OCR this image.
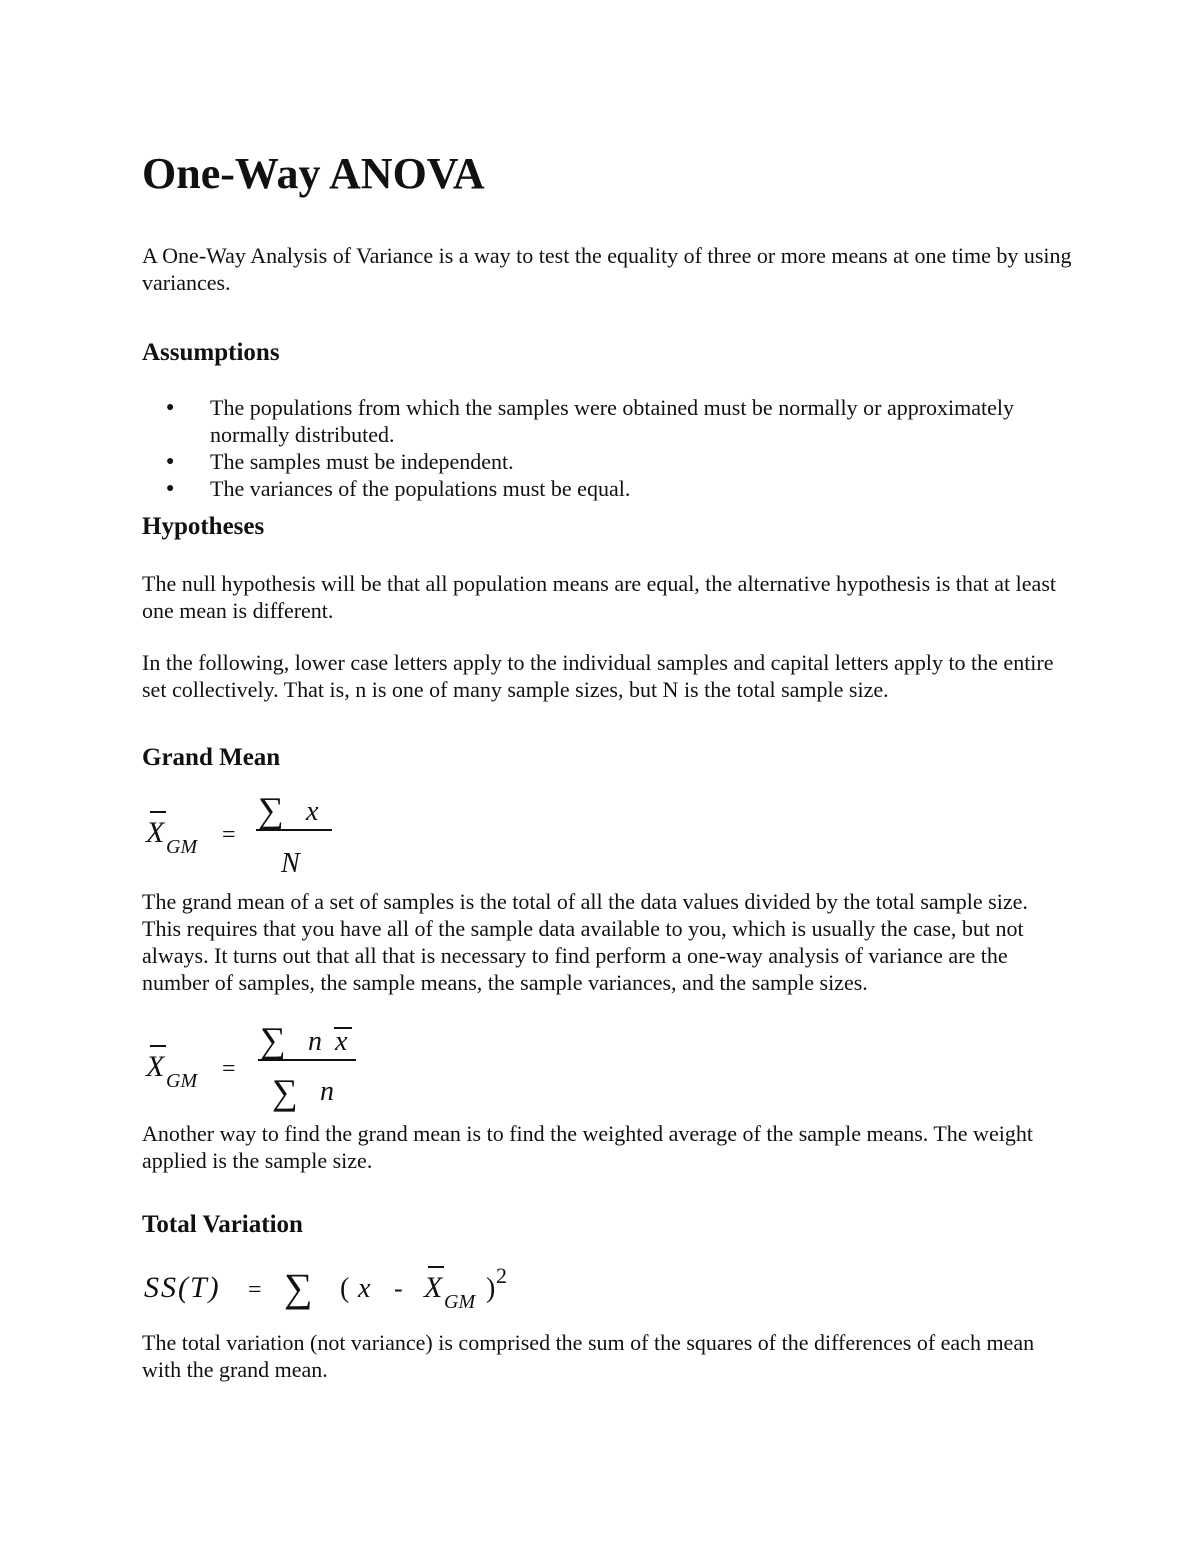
One-Way ANOVA

A One-Way Analysis of Variance is a way to test the equality of three or more means at one time by using variances.

Assumptions
● The populations from which the samples were obtained must be normally or approximately normally distributed.
● The samples must be independent.
● The variances of the populations must be equal.
Hypotheses

The null hypothesis will be that all population means are equal, the alternative hypothesis is that at least one mean is different.

In the following, lower case letters apply to the individual samples and capital letters apply to the entire set collectively. That is, n is one of many sample sizes, but N is the total sample size.

Grand Mean
X GM =
∑ x
N

The grand mean of a set of samples is the total of all the data values divided by the total sample size. This requires that you have all of the sample data available to you, which is usually the case, but not always. It turns out that all that is necessary to find perform a one-way analysis of variance are the number of samples, the sample means, the sample variances, and the sample sizes.

X GM =
∑ n x
∑ n

Another way to find the grand mean is to find the weighted average of the sample means. The weight applied is the sample size.

Total Variation
SS(T) = ∑ ( x - X GM ) 2

The total variation (not variance) is comprised the sum of the squares of the differences of each mean with the grand mean.
